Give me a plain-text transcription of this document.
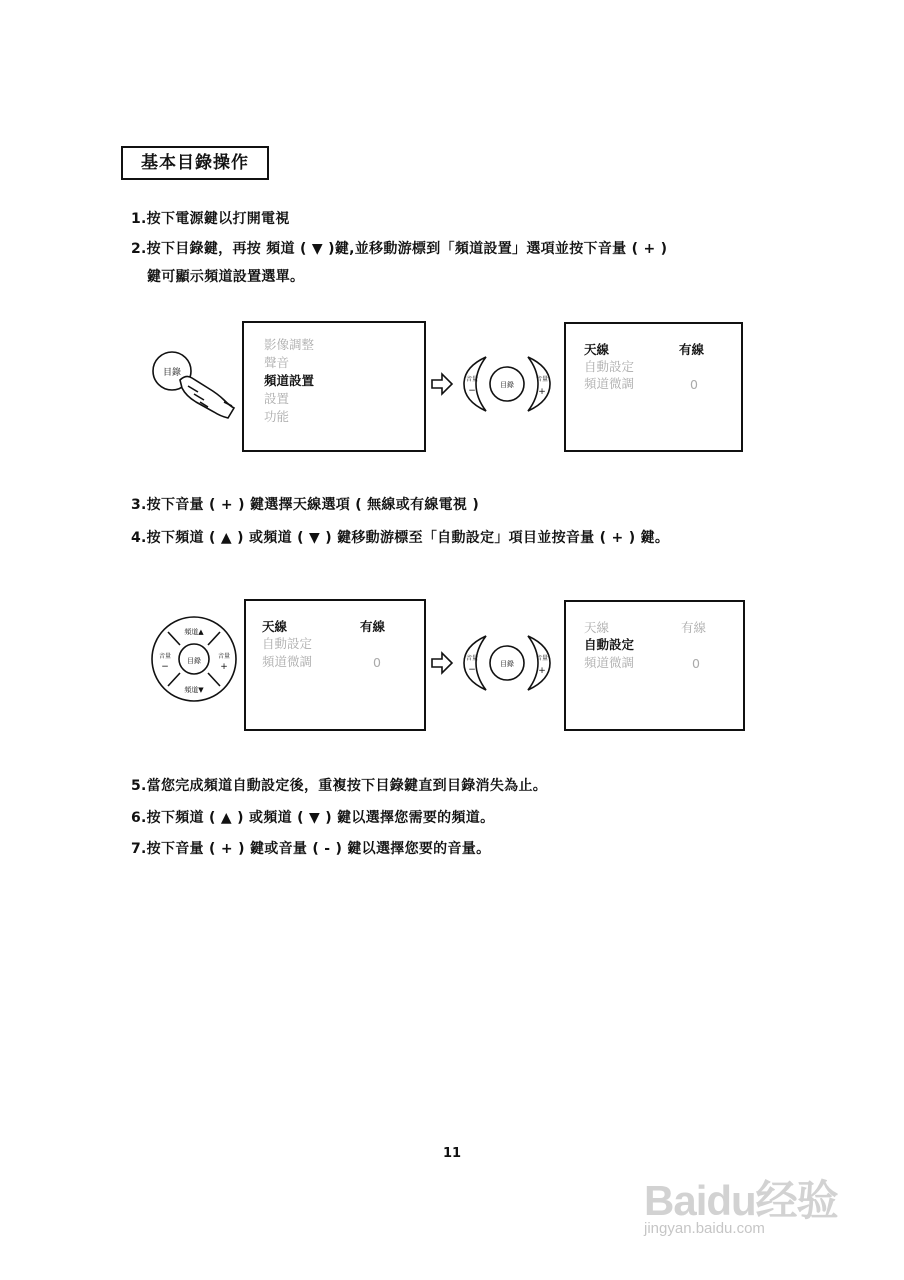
基本目錄操作
1.按下電源鍵以打開電視
2.按下目錄鍵，再按 頻道 ( ▼ )鍵,並移動游標到「頻道設置」選項並按下音量 ( + )
鍵可顯示頻道設置選單。
影像調整
聲音
頻道設置
設置
功能
天線	有線
自動設定
頻道微調	0
3.按下音量 ( + ) 鍵選擇天線選項 ( 無線或有線電視 )
4.按下頻道 ( ▲ ) 或頻道 ( ▼ ) 鍵移動游標至「自動設定」項目並按音量 ( + ) 鍵。
天線	有線
自動設定
頻道微調	0
天線	有線
自動設定
頻道微調	0
目錄
目錄
音量	音量
−	+
目錄
頻道▲
頻道▼
音量	音量
−	+	目錄
音量	音量
−	+
5.當您完成頻道自動設定後，重複按下目錄鍵直到目錄消失為止。
6.按下頻道 ( ▲ ) 或頻道 ( ▼ ) 鍵以選擇您需要的頻道。
7.按下音量 ( + ) 鍵或音量 ( - ) 鍵以選擇您要的音量。
11
Baidu经验
jingyan.baidu.com
